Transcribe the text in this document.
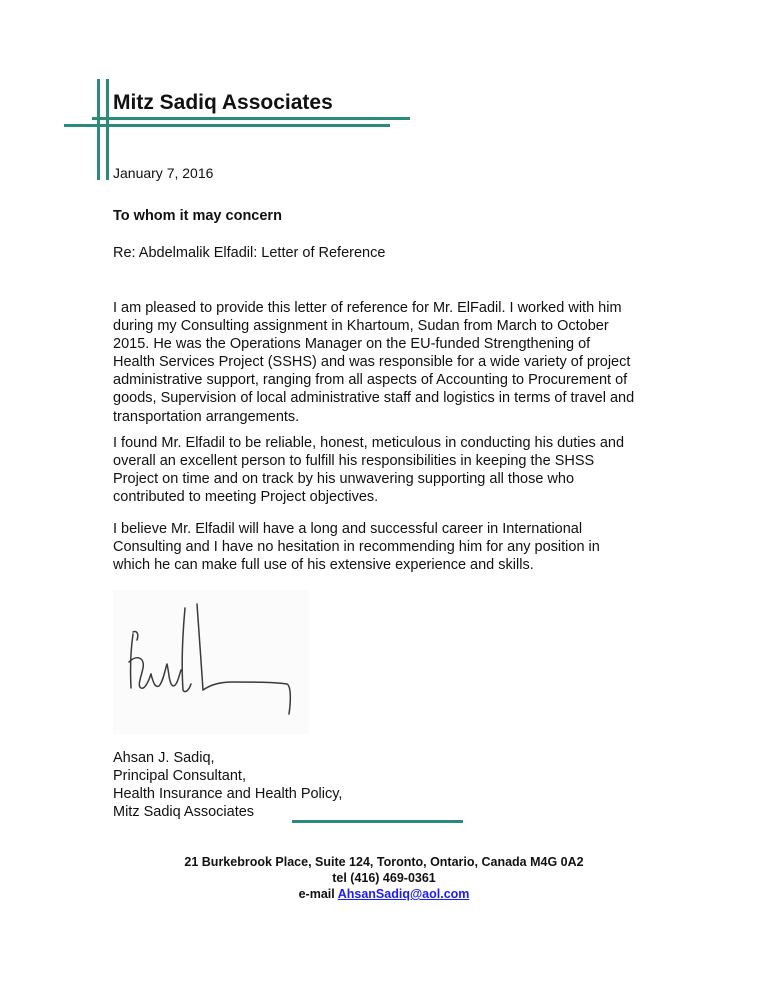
Mitz Sadiq Associates
January 7, 2016
To whom it may concern
Re: Abdelmalik Elfadil: Letter of Reference
I am pleased to provide this letter of reference for Mr. ElFadil. I worked with him
during my Consulting assignment in Khartoum, Sudan from March to October
2015. He was the Operations Manager on the EU-funded Strengthening of
Health Services Project (SSHS) and was responsible for a wide variety of project
administrative support, ranging from all aspects of Accounting to Procurement of
goods, Supervision of local administrative staff and logistics in terms of travel and
transportation arrangements.
I found Mr. Elfadil to be reliable, honest, meticulous in conducting his duties and
overall an excellent person to fulfill his responsibilities in keeping the SHSS
Project on time and on track by his unwavering supporting all those who
contributed to meeting Project objectives.
I believe Mr. Elfadil will have a long and successful career in International
Consulting and I have no hesitation in recommending him for any position in
which he can make full use of his extensive experience and skills.
Ahsan J. Sadiq,
Principal Consultant,
Health Insurance and Health Policy,
Mitz Sadiq Associates
21 Burkebrook Place, Suite 124, Toronto, Ontario, Canada M4G 0A2
tel (416) 469-0361
e-mail AhsanSadiq@aol.com
